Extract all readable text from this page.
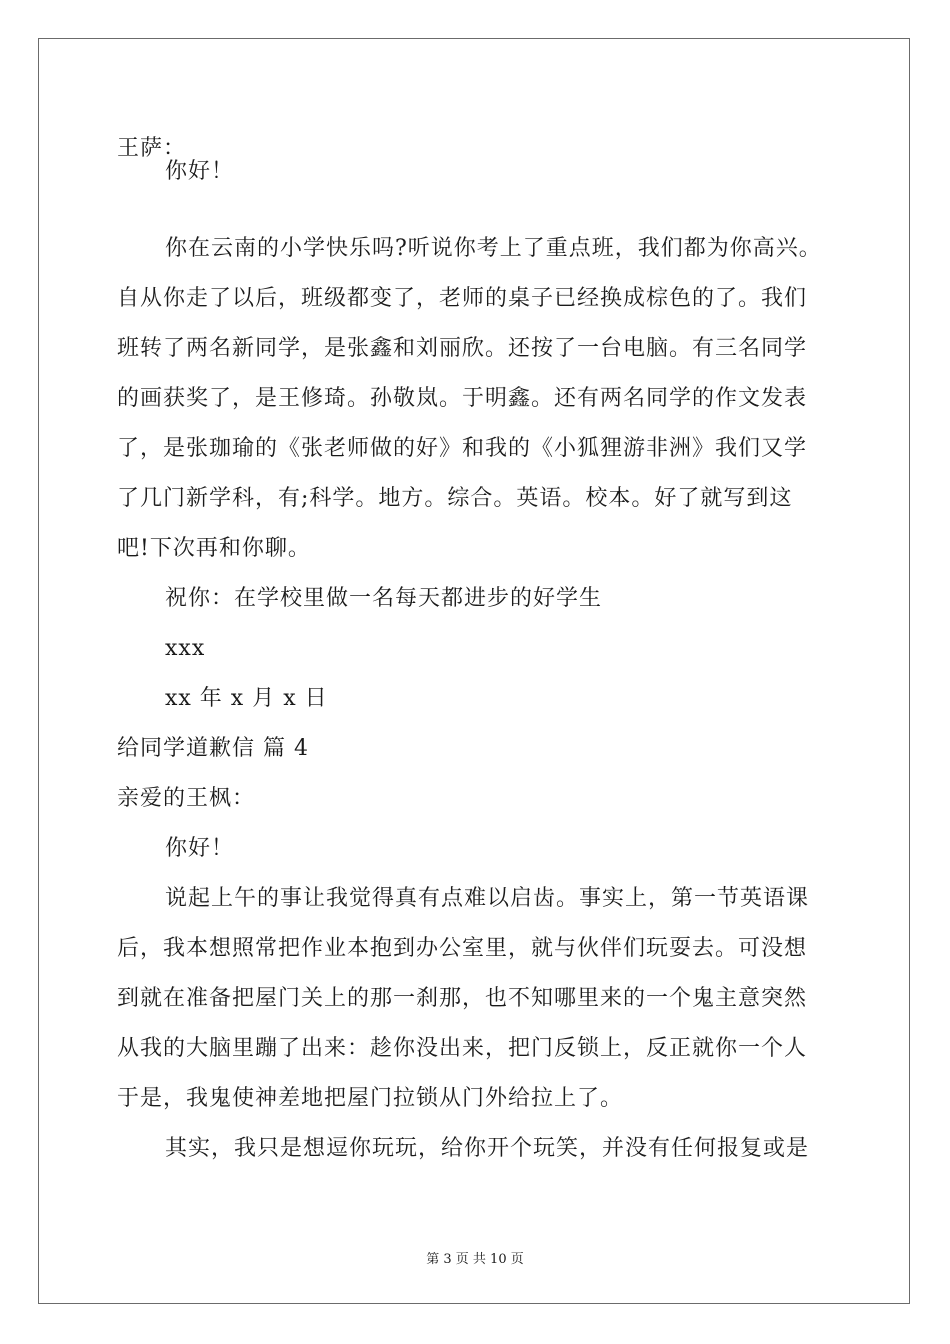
王萨：
你好！
你在云南的小学快乐吗?听说你考上了重点班，我们都为你高兴。
自从你走了以后，班级都变了，老师的桌子已经换成棕色的了。我们
班转了两名新同学，是张鑫和刘丽欣。还按了一台电脑。有三名同学
的画获奖了，是王修琦。孙敬岚。于明鑫。还有两名同学的作文发表
了，是张珈瑜的《张老师做的好》和我的《小狐狸游非洲》我们又学
了几门新学科，有;科学。地方。综合。英语。校本。好了就写到这
吧!下次再和你聊。
祝你：在学校里做一名每天都进步的好学生
xxx
xx 年 x 月 x 日
给同学道歉信 篇 4
亲爱的王枫：
你好！
说起上午的事让我觉得真有点难以启齿。事实上，第一节英语课
后，我本想照常把作业本抱到办公室里，就与伙伴们玩耍去。可没想
到就在准备把屋门关上的那一刹那，也不知哪里来的一个鬼主意突然
从我的大脑里蹦了出来：趁你没出来，把门反锁上，反正就你一个人
于是，我鬼使神差地把屋门拉锁从门外给拉上了。
其实，我只是想逗你玩玩，给你开个玩笑，并没有任何报复或是
第 3 页 共 10 页
